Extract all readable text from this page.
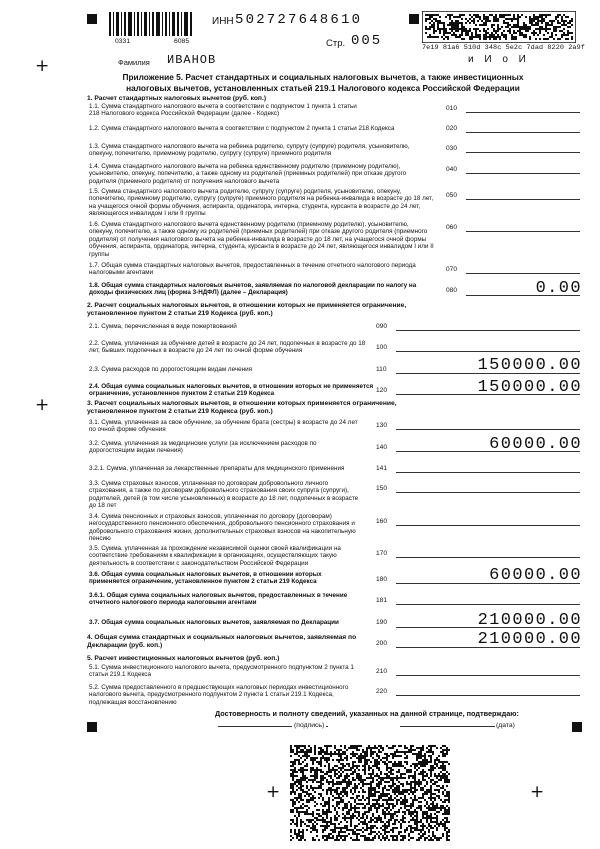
+
+
+	+
0331	6085
ИНН 502727648610
Стр. 005
Фамилия ИВАНОВ
7e19 81a6 510d 348c 5e2c 7dad 8220 2a9f
и И о И
Приложение 5. Расчет стандартных и социальных налоговых вычетов, а также инвестиционных налоговых вычетов, установленных статьей 219.1 Налогового кодекса Российской Федерации
1. Расчет стандартных налоговых вычетов (руб. коп.)
1.1. Сумма стандартного налогового вычета в соответствии с подпунктом 1 пункта 1 статьи 218 Налогового кодекса Российской Федерации (далее - Кодекс)
010
1.2. Сумма стандартного налогового вычета в соответствии с подпунктом 2 пункта 1 статьи 218 Кодекса	020
1.3. Сумма стандартного налогового вычета на ребенка родителю, супругу (супруге) родителя, усыновителю, опекуну, попечителю, приемному родителю, супругу (супруге) приемного родителя
030
1.4. Сумма стандартного налогового вычета на ребенка единственному родителю (приемному родителю), усыновителю, опекуну, попечителю, а также одному из родителей (приемных родителей) при отказе другого родителя (приемного родителя) от получения налогового вычета
040
1.5. Сумма стандартного налогового вычета родителю, супругу (супруге) родителя, усыновителю, опекуну, попечителю, приемному родителю, супругу (супруге) приемного родителя на ребенка-инвалида в возрасте до 18 лет, на учащегося очной формы обучения, аспиранта, ординатора, интерна, студента, курсанта в возрасте до 24 лет, являющегося инвалидом I или II группы
050
1.6. Сумма стандартного налогового вычета единственному родителю (приемному родителю), усыновителю, опекуну, попечителю, а также одному из родителей (приемных родителей) при отказе другого родителя (приемного родителя) от получения налогового вычета на ребенка-инвалида в возрасте до 18 лет, на учащегося очной формы обучения, аспиранта, ординатора, интерна, студента, курсанта в возрасте до 24 лет, являющегося инвалидом I или II группы
060
1.7. Общая сумма стандартных налоговых вычетов, предоставленных в течение отчетного налогового периода налоговыми агентами	070
1.8. Общая сумма стандартных налоговых вычетов, заявляемая по налоговой декларации по налогу на доходы физических лиц (форма 3-НДФЛ) (далее – Декларация)	080	0.00
2. Расчет социальных налоговых вычетов, в отношении которых не применяется ограничение, установленное пунктом 2 статьи 219 Кодекса (руб. коп.)
2.1. Сумма, перечисленная в виде пожертвований	090
2.2. Сумма, уплаченная за обучение детей в возрасте до 24 лет, подопечных в возрасте до 18 лет, бывших подопечных в возрасте до 24 лет по очной форме обучения	100
2.3. Сумма расходов по дорогостоящим видам лечения	110	150000.00
2.4. Общая сумма социальных налоговых вычетов, в отношении которых не применяется ограничение, установленное пунктом 2 статьи 219 Кодекса	120	150000.00
3. Расчет социальных налоговых вычетов, в отношении которых применяется ограничение, установленное пунктом 2 статьи 219 Кодекса (руб. коп.)
3.1. Сумма, уплаченная за свое обучение, за обучение брата (сестры) в возрасте до 24 лет по очной форме обучения
130
3.2. Сумма, уплаченная за медицинские услуги (за исключением расходов по дорогостоящим видам лечения)	140	60000.00
3.2.1. Сумма, уплаченная за лекарственные препараты для медицинского применения	141
3.3. Сумма страховых взносов, уплаченная по договорам добровольного личного страхования, а также по договорам добровольного страхования своих супруга (супруги), родителей, детей (в том числе усыновленных) в возрасте до 18 лет, подопечных в возрасте до 18 лет
150
3.4. Сумма пенсионных и страховых взносов, уплаченная по договору (договорам) негосударственного пенсионного обеспечения, добровольного пенсионного страхования и добровольного страхования жизни, дополнительных страховых взносов на накопительную пенсию
160
3.5. Сумма, уплаченная за прохождение независимой оценки своей квалификации на соответствие требованиям к квалификации в организациях, осуществляющих такую деятельность в соответствии с законодательством Российской Федерации
170
3.6. Общая сумма социальных налоговых вычетов, в отношении которых применяется ограничение, установленное пунктом 2 статьи 219 Кодекса	180	60000.00
3.6.1. Общая сумма социальных налоговых вычетов, предоставленных в течение отчетного налогового периода налоговыми агентами	181
3.7. Общая сумма социальных налоговых вычетов, заявляемая по Декларации	190	210000.00
4. Общая сумма стандартных и социальных налоговых вычетов, заявляемая по Декларации (руб. коп.)	200	210000.00
5. Расчет инвестиционных налоговых вычетов (руб. коп.)
5.1. Сумма инвестиционного налогового вычета, предусмотренного подпунктом 2 пункта 1 статьи 219.1 Кодекса	210
5.2. Сумма предоставленного в предшествующих налоговых периодах инвестиционного налогового вычета, предусмотренного подпунктом 2 пункта 1 статьи 219.1 Кодекса, подлежащая восстановлению
220
Достоверность и полноту сведений, указанных на данной странице, подтверждаю:
(подпись)	(дата)
